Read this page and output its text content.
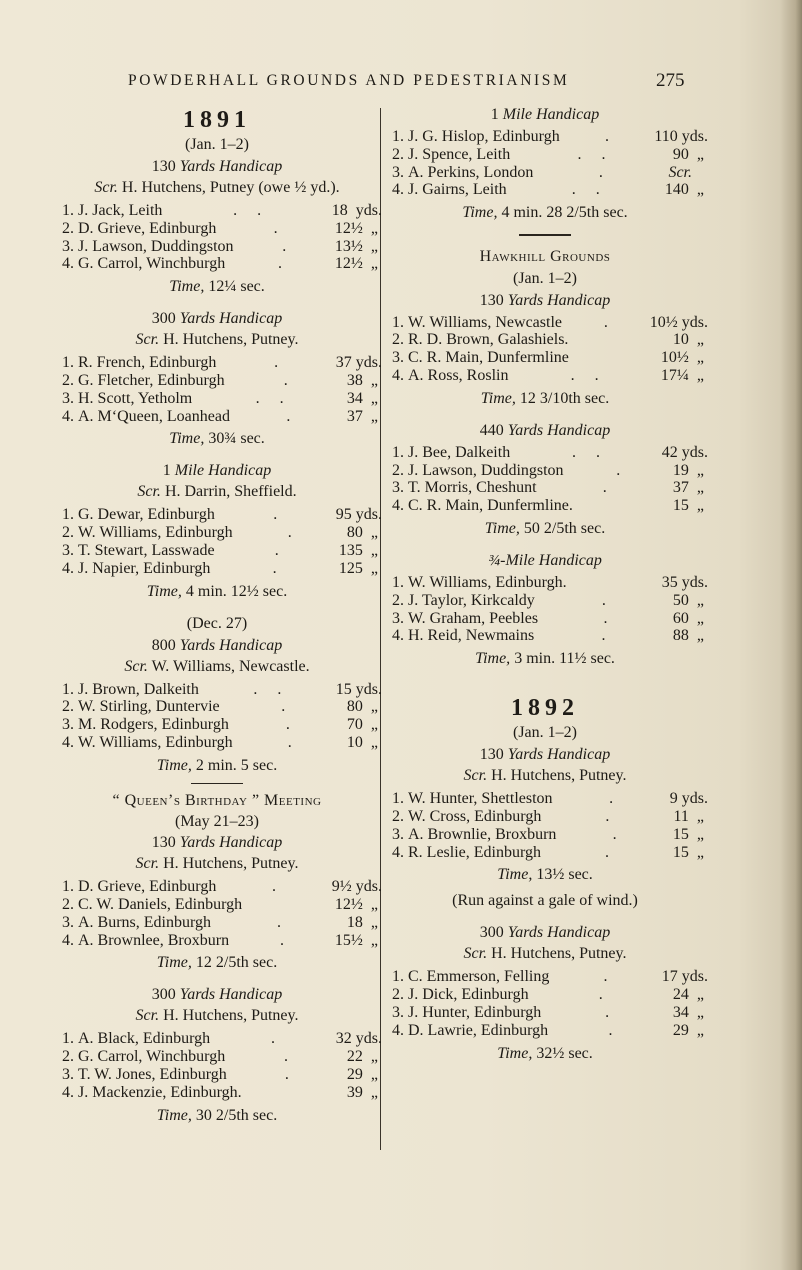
POWDERHALL GROUNDS AND PEDESTRIANISM	275
1891
(Jan. 1–2)
130 Yards Handicap
Scr. H. Hutchens, Putney (owe ½ yd.).
1. J. Jack, Leith	.     .	18  yds.
2. D. Grieve, Edinburgh	.	12½  „
3. J. Lawson, Duddingston	.	13½  „
4. G. Carrol, Winchburgh	.	12½  „
Time, 12¼ sec.
300 Yards Handicap
Scr. H. Hutchens, Putney.
1. R. French, Edinburgh	.	37 yds.
2. G. Fletcher, Edinburgh	.	38  „
3. H. Scott, Yetholm	.     .	34  „
4. A. M‘Queen, Loanhead	.	37  „
Time, 30¾ sec.
1 Mile Handicap
Scr. H. Darrin, Sheffield.
1. G. Dewar, Edinburgh	.	95 yds.
2. W. Williams, Edinburgh	.	80  „
3. T. Stewart, Lasswade	.	135  „
4. J. Napier, Edinburgh	.	125  „
Time, 4 min. 12½ sec.
(Dec. 27)
800 Yards Handicap
Scr. W. Williams, Newcastle.
1. J. Brown, Dalkeith	.     .	15 yds.
2. W. Stirling, Duntervie	.	80  „
3. M. Rodgers, Edinburgh	.	70  „
4. W. Williams, Edinburgh	.	10  „
Time, 2 min. 5 sec.
“ Queen’s Birthday ” Meeting
(May 21–23)
130 Yards Handicap
Scr. H. Hutchens, Putney.
1. D. Grieve, Edinburgh	.	9½ yds.
2. C. W. Daniels, Edinburgh	12½  „
3. A. Burns, Edinburgh	.	18  „
4. A. Brownlee, Broxburn	.	15½  „
Time, 12 2/5th sec.
300 Yards Handicap
Scr. H. Hutchens, Putney.
1. A. Black, Edinburgh	.	32 yds.
2. G. Carrol, Winchburgh	.	22  „
3. T. W. Jones, Edinburgh	.	29  „
4. J. Mackenzie, Edinburgh.	39  „
Time, 30 2/5th sec.
1 Mile Handicap
1. J. G. Hislop, Edinburgh	.	110 yds.
2. J. Spence, Leith	.     .	90  „
3. A. Perkins, London	.	Scr.
4. J. Gairns, Leith	.     .	140  „
Time, 4 min. 28 2/5th sec.
Hawkhill Grounds
(Jan. 1–2)
130 Yards Handicap
1. W. Williams, Newcastle	.	10½ yds.
2. R. D. Brown, Galashiels.	10  „
3. C. R. Main, Dunfermline	10½  „
4. A. Ross, Roslin	.     .	17¼  „
Time, 12 3/10th sec.
440 Yards Handicap
1. J. Bee, Dalkeith	.     .	42 yds.
2. J. Lawson, Duddingston	.	19  „
3. T. Morris, Cheshunt	.	37  „
4. C. R. Main, Dunfermline.	15  „
Time, 50 2/5th sec.
¾-Mile Handicap
1. W. Williams, Edinburgh.	35 yds.
2. J. Taylor, Kirkcaldy	.	50  „
3. W. Graham, Peebles	.	60  „
4. H. Reid, Newmains	.	88  „
Time, 3 min. 11½ sec.
1892
(Jan. 1–2)
130 Yards Handicap
Scr. H. Hutchens, Putney.
1. W. Hunter, Shettleston	.	9 yds.
2. W. Cross, Edinburgh	.	11  „
3. A. Brownlie, Broxburn	.	15  „
4. R. Leslie, Edinburgh	.	15  „
Time, 13½ sec.
(Run against a gale of wind.)
300 Yards Handicap
Scr. H. Hutchens, Putney.
1. C. Emmerson, Felling	.	17 yds.
2. J. Dick, Edinburgh	.	24  „
3. J. Hunter, Edinburgh	.	34  „
4. D. Lawrie, Edinburgh	.	29  „
Time, 32½ sec.
